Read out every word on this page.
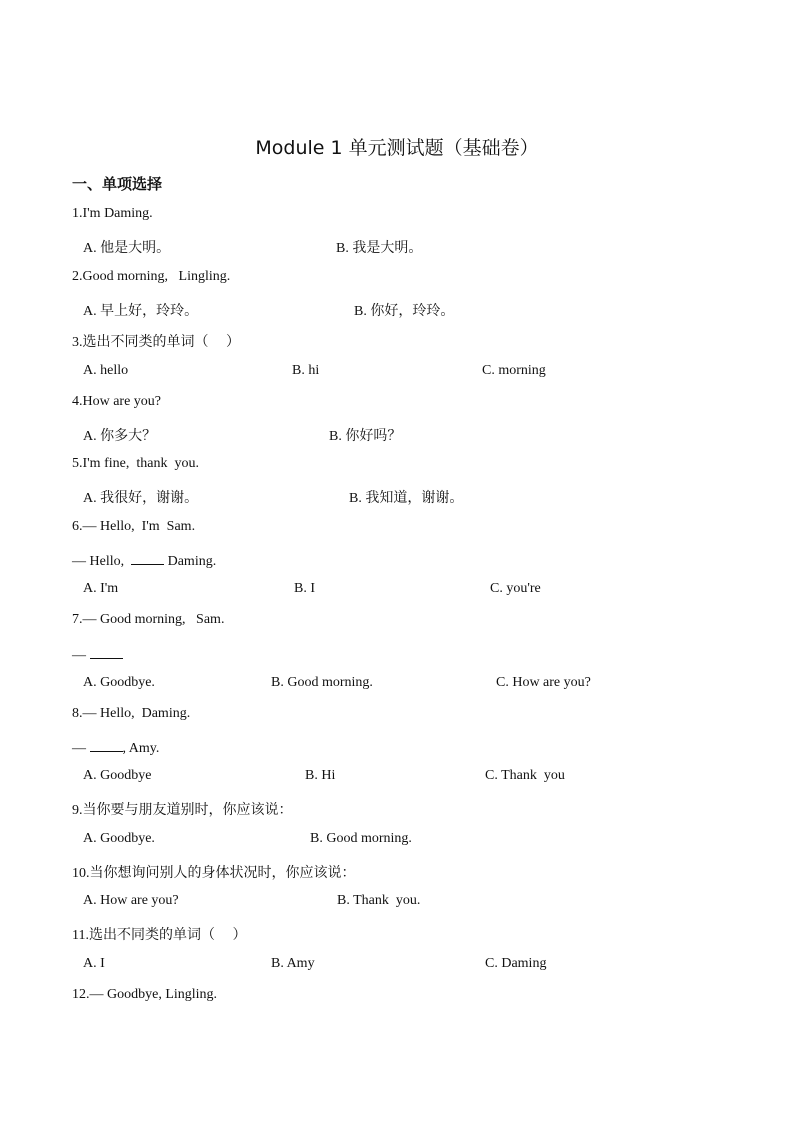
Module 1 单元测试题（基础卷）
一、单项选择
1.I'm Daming.
A. 他是大明。	B. 我是大明。
2.Good morning,   Lingling.
A. 早上好，玲玲。	B. 你好，玲玲。
3.选出不同类的单词（     ）
A. hello	B. hi	C. morning
4.How are you?
A. 你多大？	B. 你好吗？
5.I'm fine,  thank  you.
A. 我很好，谢谢。	B. 我知道，谢谢。
6.— Hello,  I'm  Sam.
— Hello,   Daming.
A. I'm	B. I	C. you're
7.— Good morning,   Sam.
—
A. Goodbye.	B. Good morning.	C. How are you?
8.— Hello,  Daming.
— , Amy.
A. Goodbye	B. Hi	C. Thank  you
9.当你要与朋友道别时，你应该说：
A. Goodbye.	B. Good morning.
10.当你想询问别人的身体状况时，你应该说：
A. How are you?	B. Thank  you.
11.选出不同类的单词（     ）
A. I	B. Amy	C. Daming
12.— Goodbye, Lingling.
